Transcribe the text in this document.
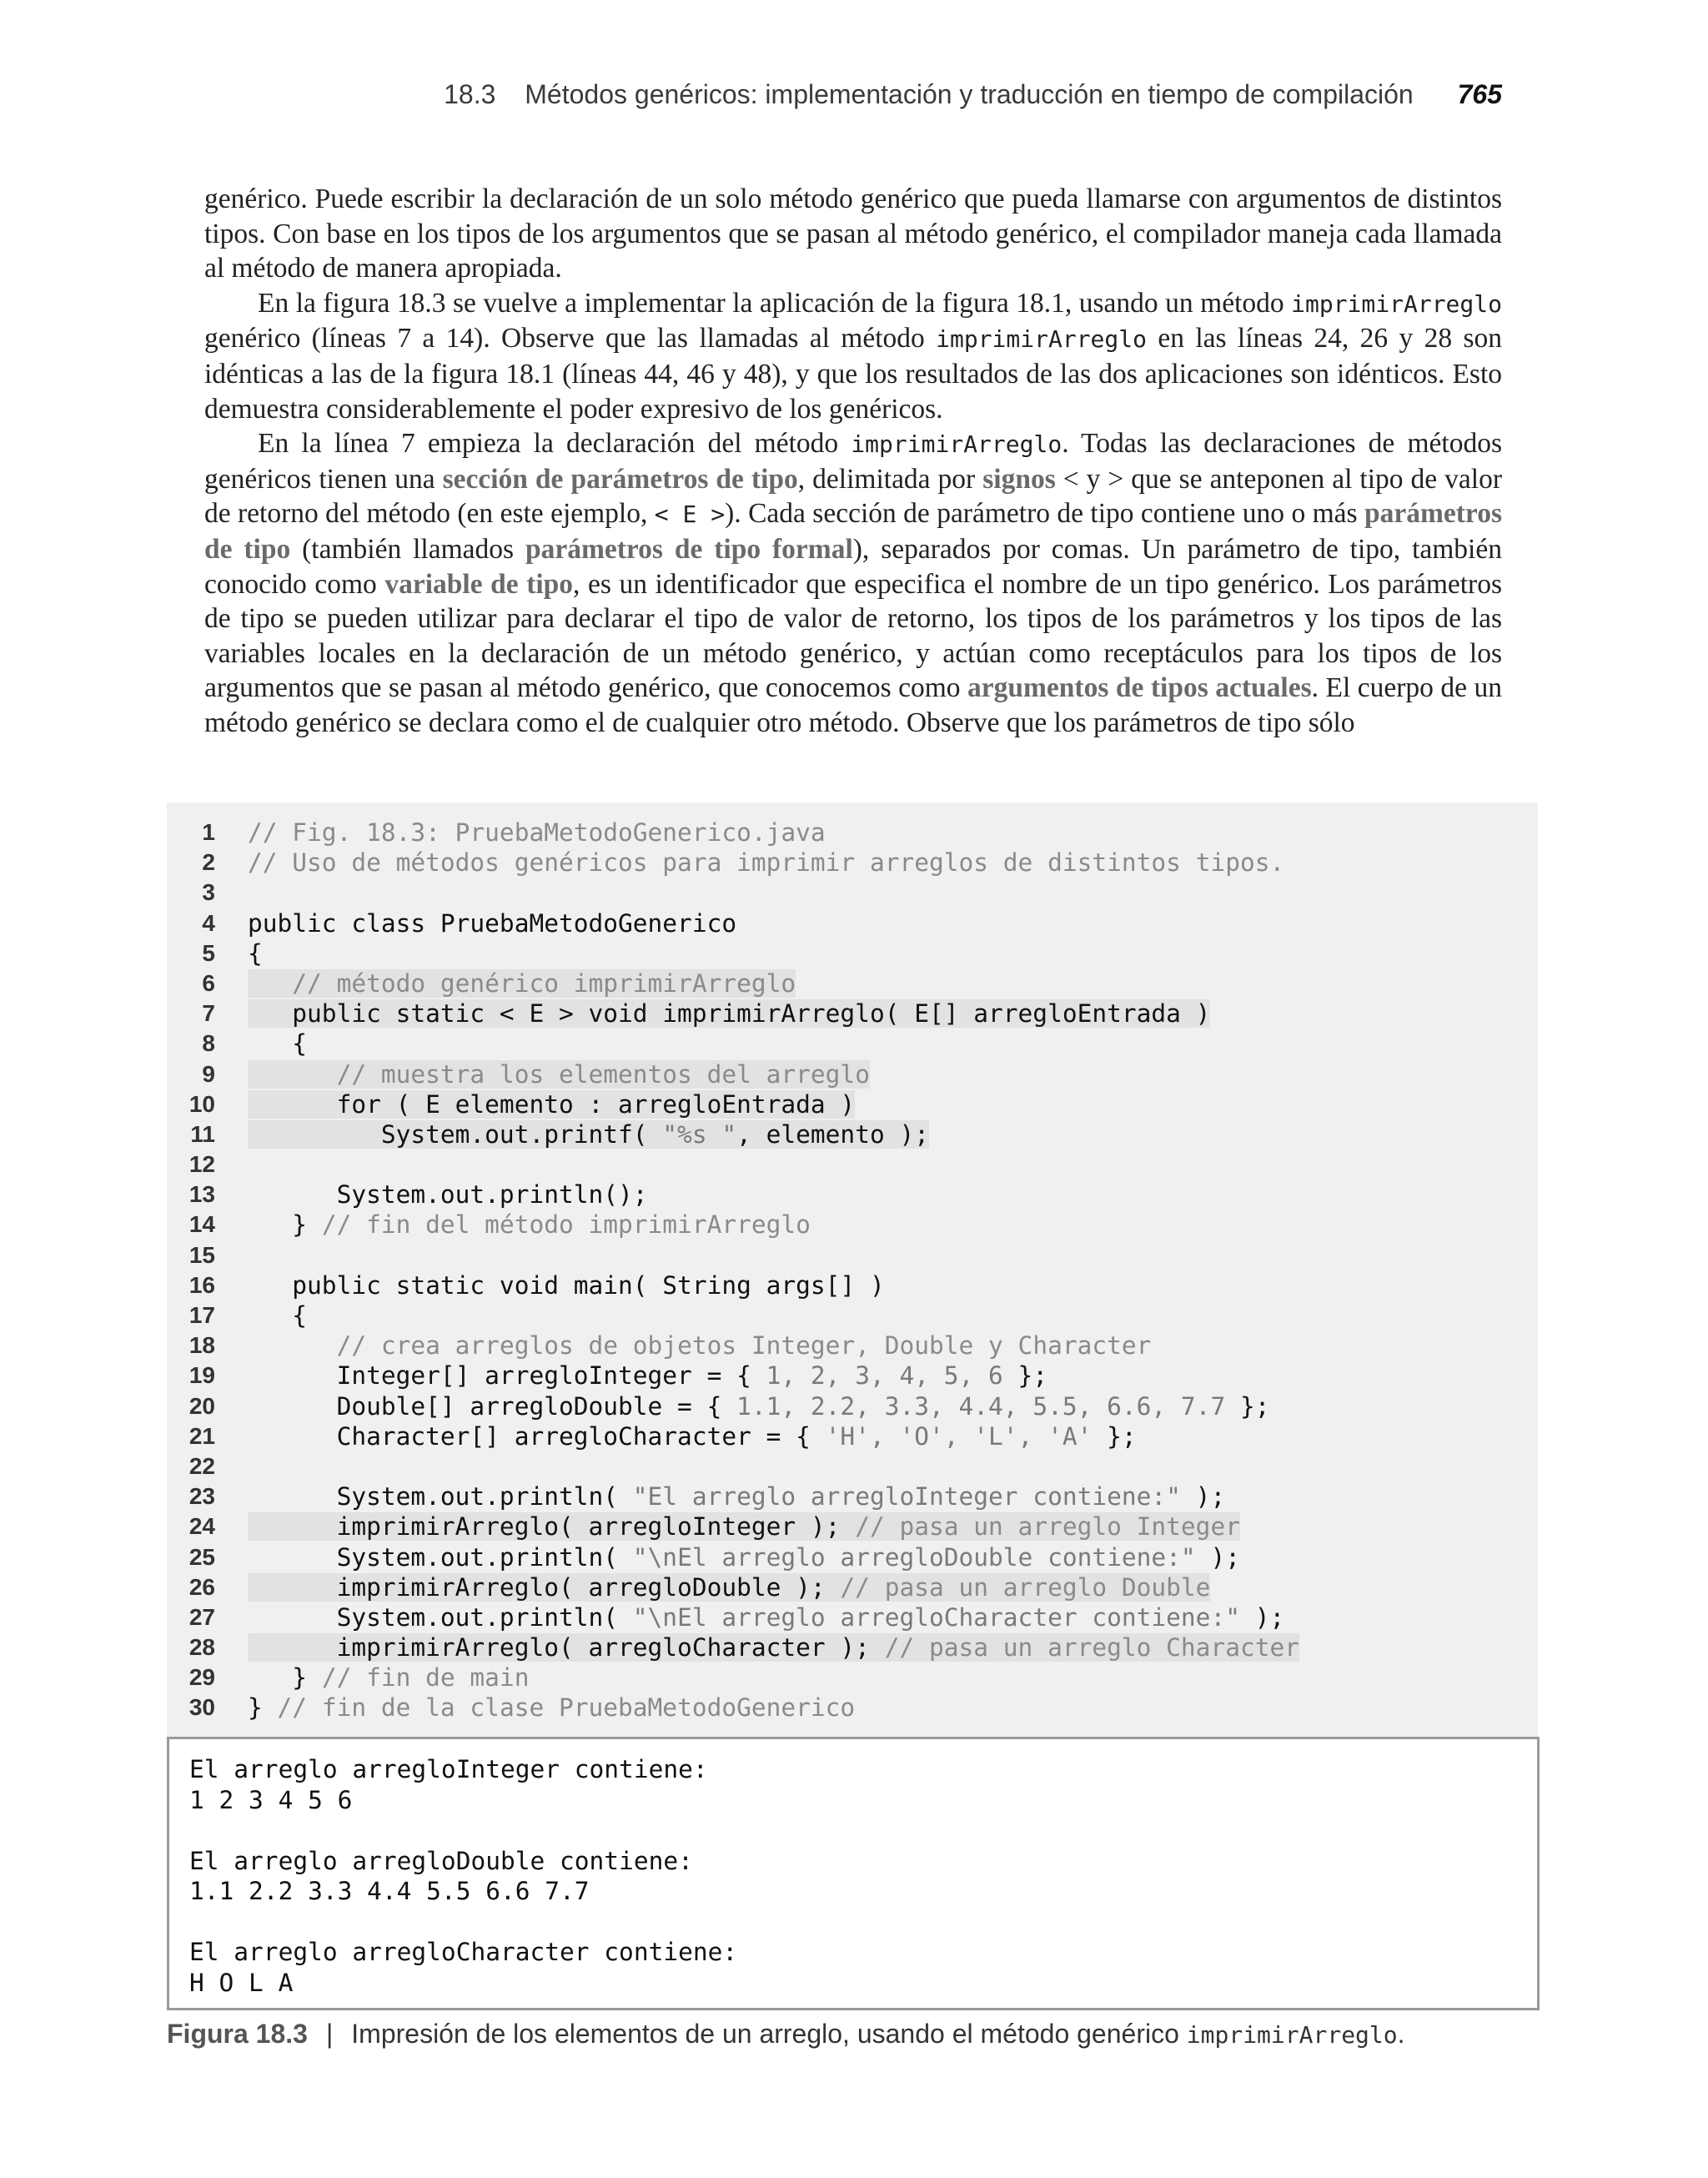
18.3 Métodos genéricos: implementación y traducción en tiempo de compilación 765

genérico. Puede escribir la declaración de un solo método genérico que pueda llamarse con argumentos de distintos tipos. Con base en los tipos de los argumentos que se pasan al método genérico, el compilador maneja cada llamada al método de manera apropiada.

En la figura 18.3 se vuelve a implementar la aplicación de la figura 18.1, usando un método imprimirArreglo genérico (líneas 7 a 14). Observe que las llamadas al método imprimirArreglo en las líneas 24, 26 y 28 son idénticas a las de la figura 18.1 (líneas 44, 46 y 48), y que los resultados de las dos aplicaciones son idénticos. Esto demuestra considerablemente el poder expresivo de los genéricos.

En la línea 7 empieza la declaración del método imprimirArreglo. Todas las declaraciones de métodos genéricos tienen una sección de parámetros de tipo, delimitada por signos < y > que se anteponen al tipo de valor de retorno del método (en este ejemplo, < E >). Cada sección de parámetro de tipo contiene uno o más parámetros de tipo (también llamados parámetros de tipo formal), separados por comas. Un parámetro de tipo, también conocido como variable de tipo, es un identificador que especifica el nombre de un tipo genérico. Los parámetros de tipo se pueden utilizar para declarar el tipo de valor de retorno, los tipos de los parámetros y los tipos de las variables locales en la declaración de un método genérico, y actúan como receptáculos para los tipos de los argumentos que se pasan al método genérico, que conocemos como argumentos de tipos actuales. El cuerpo de un método genérico se declara como el de cualquier otro método. Observe que los parámetros de tipo sólo

1 // Fig. 18.3: PruebaMetodoGenerico.java
2 // Uso de métodos genéricos para imprimir arreglos de distintos tipos.
3
4 public class PruebaMetodoGenerico
5 {
6	// método genérico imprimirArreglo
7 public static < E > void imprimirArreglo( E[] arregloEntrada )
8 {
9	// muestra los elementos del arreglo
10 for ( E elemento : arregloEntrada )
11 System.out.printf( "%s ", elemento );
12
13 System.out.println();
14 } // fin del método imprimirArreglo
15
16 public static void main( String args[] )
17 {
18	// crea arreglos de objetos Integer, Double y Character
19 Integer[] arregloInteger = { 1, 2, 3, 4, 5, 6 };
20 Double[] arregloDouble = { 1.1, 2.2, 3.3, 4.4, 5.5, 6.6, 7.7 };
21 Character[] arregloCharacter = { 'H', 'O', 'L', 'A' };
22
23 System.out.println( "El arreglo arregloInteger contiene:" );
24 imprimirArreglo( arregloInteger ); // pasa un arreglo Integer
25 System.out.println( "\nEl arreglo arregloDouble contiene:" );
26 imprimirArreglo( arregloDouble ); // pasa un arreglo Double
27 System.out.println( "\nEl arreglo arregloCharacter contiene:" );
28 imprimirArreglo( arregloCharacter ); // pasa un arreglo Character
29 } // fin de main
30 } // fin de la clase PruebaMetodoGenerico
El arreglo arregloInteger contiene:
1 2 3 4 5 6
El arreglo arregloDouble contiene:
1.1 2.2 3.3 4.4 5.5 6.6 7.7
El arreglo arregloCharacter contiene:
H O L A
Figura 18.3 | Impresión de los elementos de un arreglo, usando el método genérico imprimirArreglo.
